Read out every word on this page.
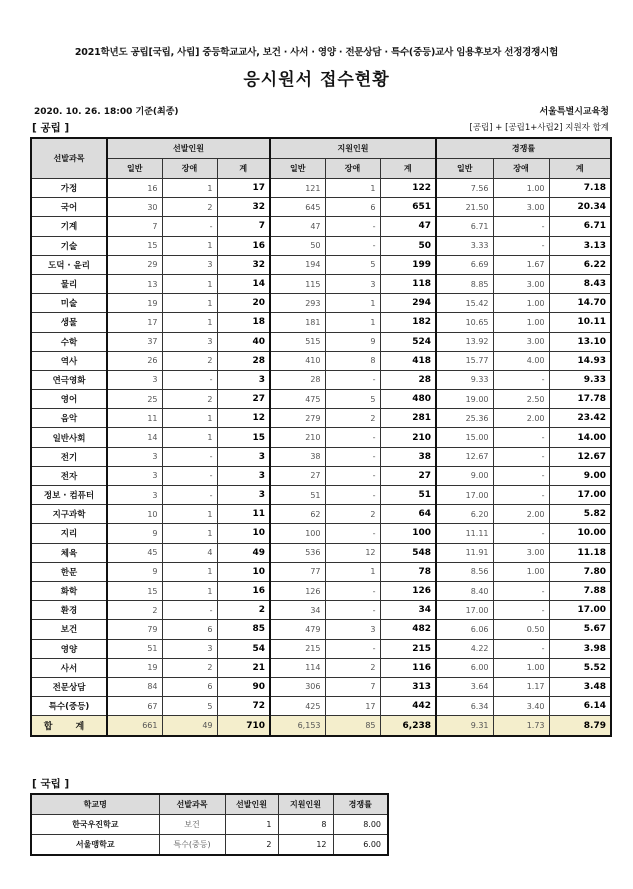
2021학년도 공립[국립, 사립] 중등학교교사, 보건 · 사서 · 영양 · 전문상담 · 특수(중등)교사 임용후보자 선정경쟁시험
응시원서 접수현황
2020. 10. 26. 18:00 기준(최종)	서울특별시교육청
[ 공립 ]	[공립] + [공립1+사립2] 지원자 합계
선발과목	선발인원			지원인원			경쟁률		
	일반	장애	계	일반	장애	계	일반	장애	계
가정	16	1	17	121	1	122	7.56	1.00	7.18
국어	30	2	32	645	6	651	21.50	3.00	20.34
기계	7	-	7	47	-	47	6.71	-	6.71
기술	15	1	16	50	-	50	3.33	-	3.13
도덕 · 윤리	29	3	32	194	5	199	6.69	1.67	6.22
물리	13	1	14	115	3	118	8.85	3.00	8.43
미술	19	1	20	293	1	294	15.42	1.00	14.70
생물	17	1	18	181	1	182	10.65	1.00	10.11
수학	37	3	40	515	9	524	13.92	3.00	13.10
역사	26	2	28	410	8	418	15.77	4.00	14.93
연극영화	3	-	3	28	-	28	9.33	-	9.33
영어	25	2	27	475	5	480	19.00	2.50	17.78
음악	11	1	12	279	2	281	25.36	2.00	23.42
일반사회	14	1	15	210	-	210	15.00	-	14.00
전기	3	-	3	38	-	38	12.67	-	12.67
전자	3	-	3	27	-	27	9.00	-	9.00
정보 · 컴퓨터	3	-	3	51	-	51	17.00	-	17.00
지구과학	10	1	11	62	2	64	6.20	2.00	5.82
지리	9	1	10	100	-	100	11.11	-	10.00
체육	45	4	49	536	12	548	11.91	3.00	11.18
한문	9	1	10	77	1	78	8.56	1.00	7.80
화학	15	1	16	126	-	126	8.40	-	7.88
환경	2	-	2	34	-	34	17.00	-	17.00
보건	79	6	85	479	3	482	6.06	0.50	5.67
영양	51	3	54	215	-	215	4.22	-	3.98
사서	19	2	21	114	2	116	6.00	1.00	5.52
전문상담	84	6	90	306	7	313	3.64	1.17	3.48
특수(중등)	67	5	72	425	17	442	6.34	3.40	6.14
합 계	661	49	710	6,153	85	6,238	9.31	1.73	8.79
[ 국립 ]
학교명	선발과목	선발인원	지원인원	경쟁률
한국우진학교	보건	1	8	8.00
서울맹학교	특수(중등)	2	12	6.00
